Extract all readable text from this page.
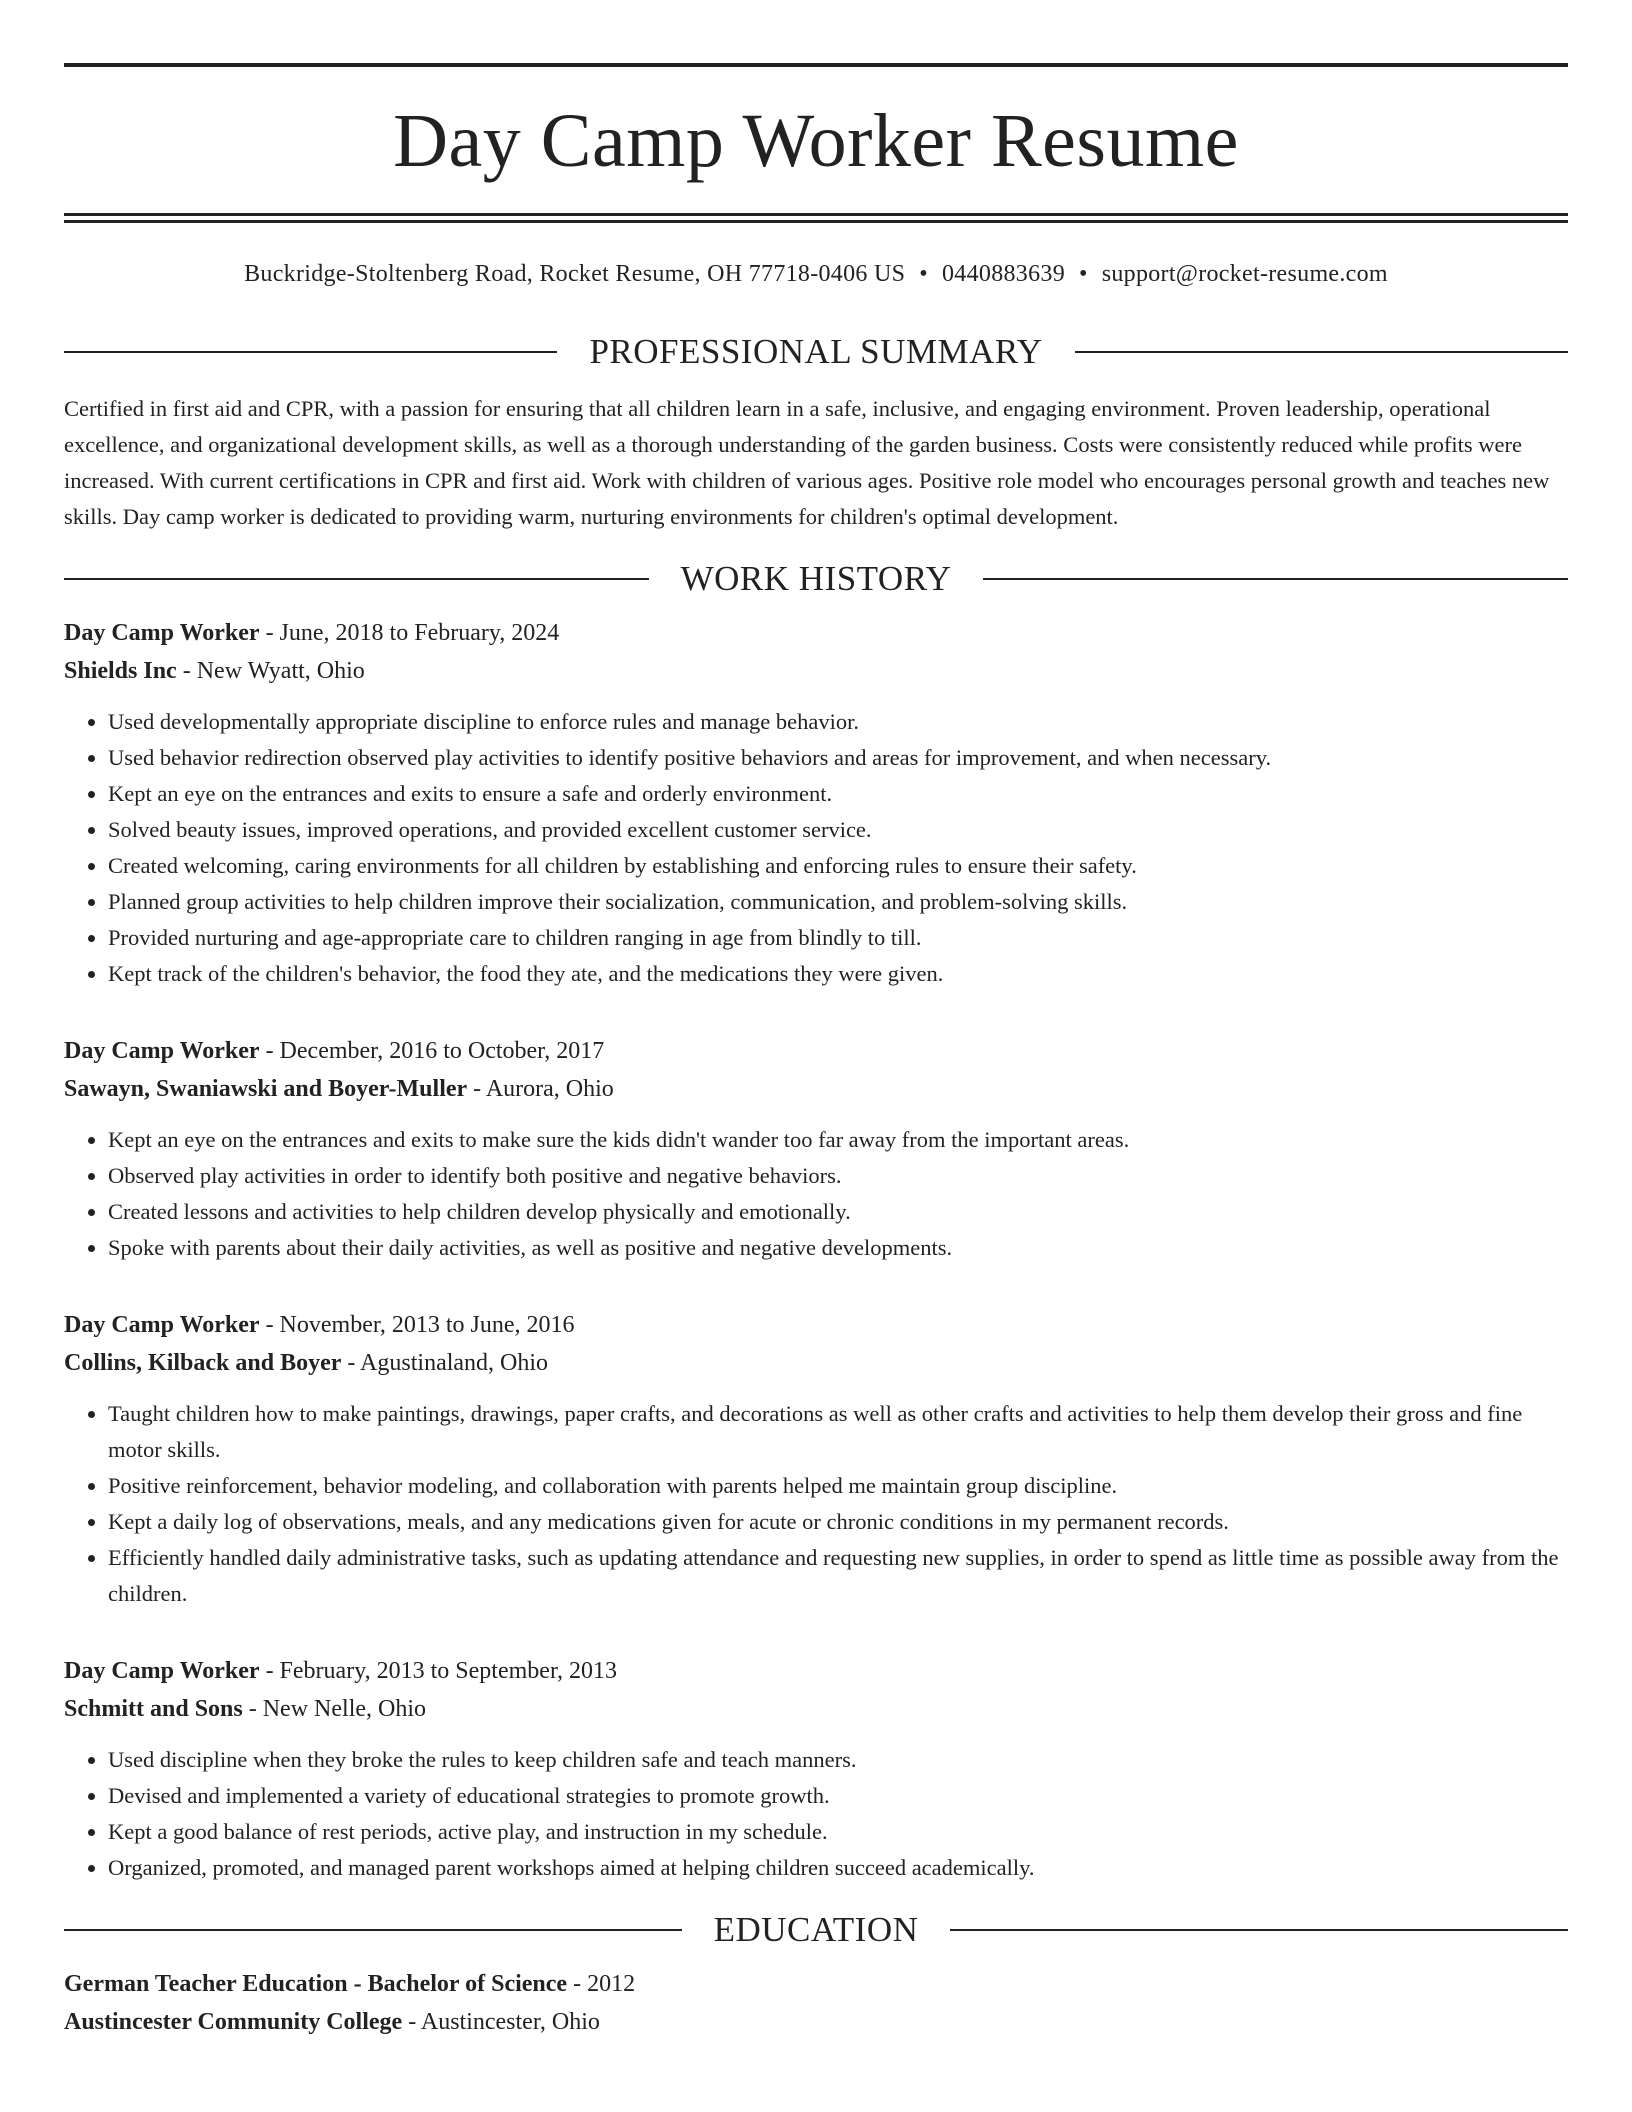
Day Camp Worker Resume
Buckridge-Stoltenberg Road, Rocket Resume, OH 77718-0406 US • 0440883639 • support@rocket-resume.com
PROFESSIONAL SUMMARY

Certified in first aid and CPR, with a passion for ensuring that all children learn in a safe, inclusive, and engaging environment. Proven leadership, operational excellence, and organizational development skills, as well as a thorough understanding of the garden business. Costs were consistently reduced while profits were increased. With current certifications in CPR and first aid. Work with children of various ages. Positive role model who encourages personal growth and teaches new skills. Day camp worker is dedicated to providing warm, nurturing environments for children's optimal development.

WORK HISTORY
Day Camp Worker - June, 2018 to February, 2024
Shields Inc - New Wyatt, Ohio
• Used developmentally appropriate discipline to enforce rules and manage behavior.
• Used behavior redirection observed play activities to identify positive behaviors and areas for improvement, and when necessary.
• Kept an eye on the entrances and exits to ensure a safe and orderly environment.
• Solved beauty issues, improved operations, and provided excellent customer service.
• Created welcoming, caring environments for all children by establishing and enforcing rules to ensure their safety.
• Planned group activities to help children improve their socialization, communication, and problem-solving skills.
• Provided nurturing and age-appropriate care to children ranging in age from blindly to till.
• Kept track of the children's behavior, the food they ate, and the medications they were given.
Day Camp Worker - December, 2016 to October, 2017
Sawayn, Swaniawski and Boyer-Muller - Aurora, Ohio
• Kept an eye on the entrances and exits to make sure the kids didn't wander too far away from the important areas.
• Observed play activities in order to identify both positive and negative behaviors.
• Created lessons and activities to help children develop physically and emotionally.
• Spoke with parents about their daily activities, as well as positive and negative developments.
Day Camp Worker - November, 2013 to June, 2016
Collins, Kilback and Boyer - Agustinaland, Ohio
• Taught children how to make paintings, drawings, paper crafts, and decorations as well as other crafts and activities to help them develop their gross and fine motor skills.
• Positive reinforcement, behavior modeling, and collaboration with parents helped me maintain group discipline.
• Kept a daily log of observations, meals, and any medications given for acute or chronic conditions in my permanent records.
• Efficiently handled daily administrative tasks, such as updating attendance and requesting new supplies, in order to spend as little time as possible away from the children.
Day Camp Worker - February, 2013 to September, 2013
Schmitt and Sons - New Nelle, Ohio
• Used discipline when they broke the rules to keep children safe and teach manners.
• Devised and implemented a variety of educational strategies to promote growth.
• Kept a good balance of rest periods, active play, and instruction in my schedule.
• Organized, promoted, and managed parent workshops aimed at helping children succeed academically.
EDUCATION
German Teacher Education - Bachelor of Science - 2012
Austincester Community College - Austincester, Ohio
